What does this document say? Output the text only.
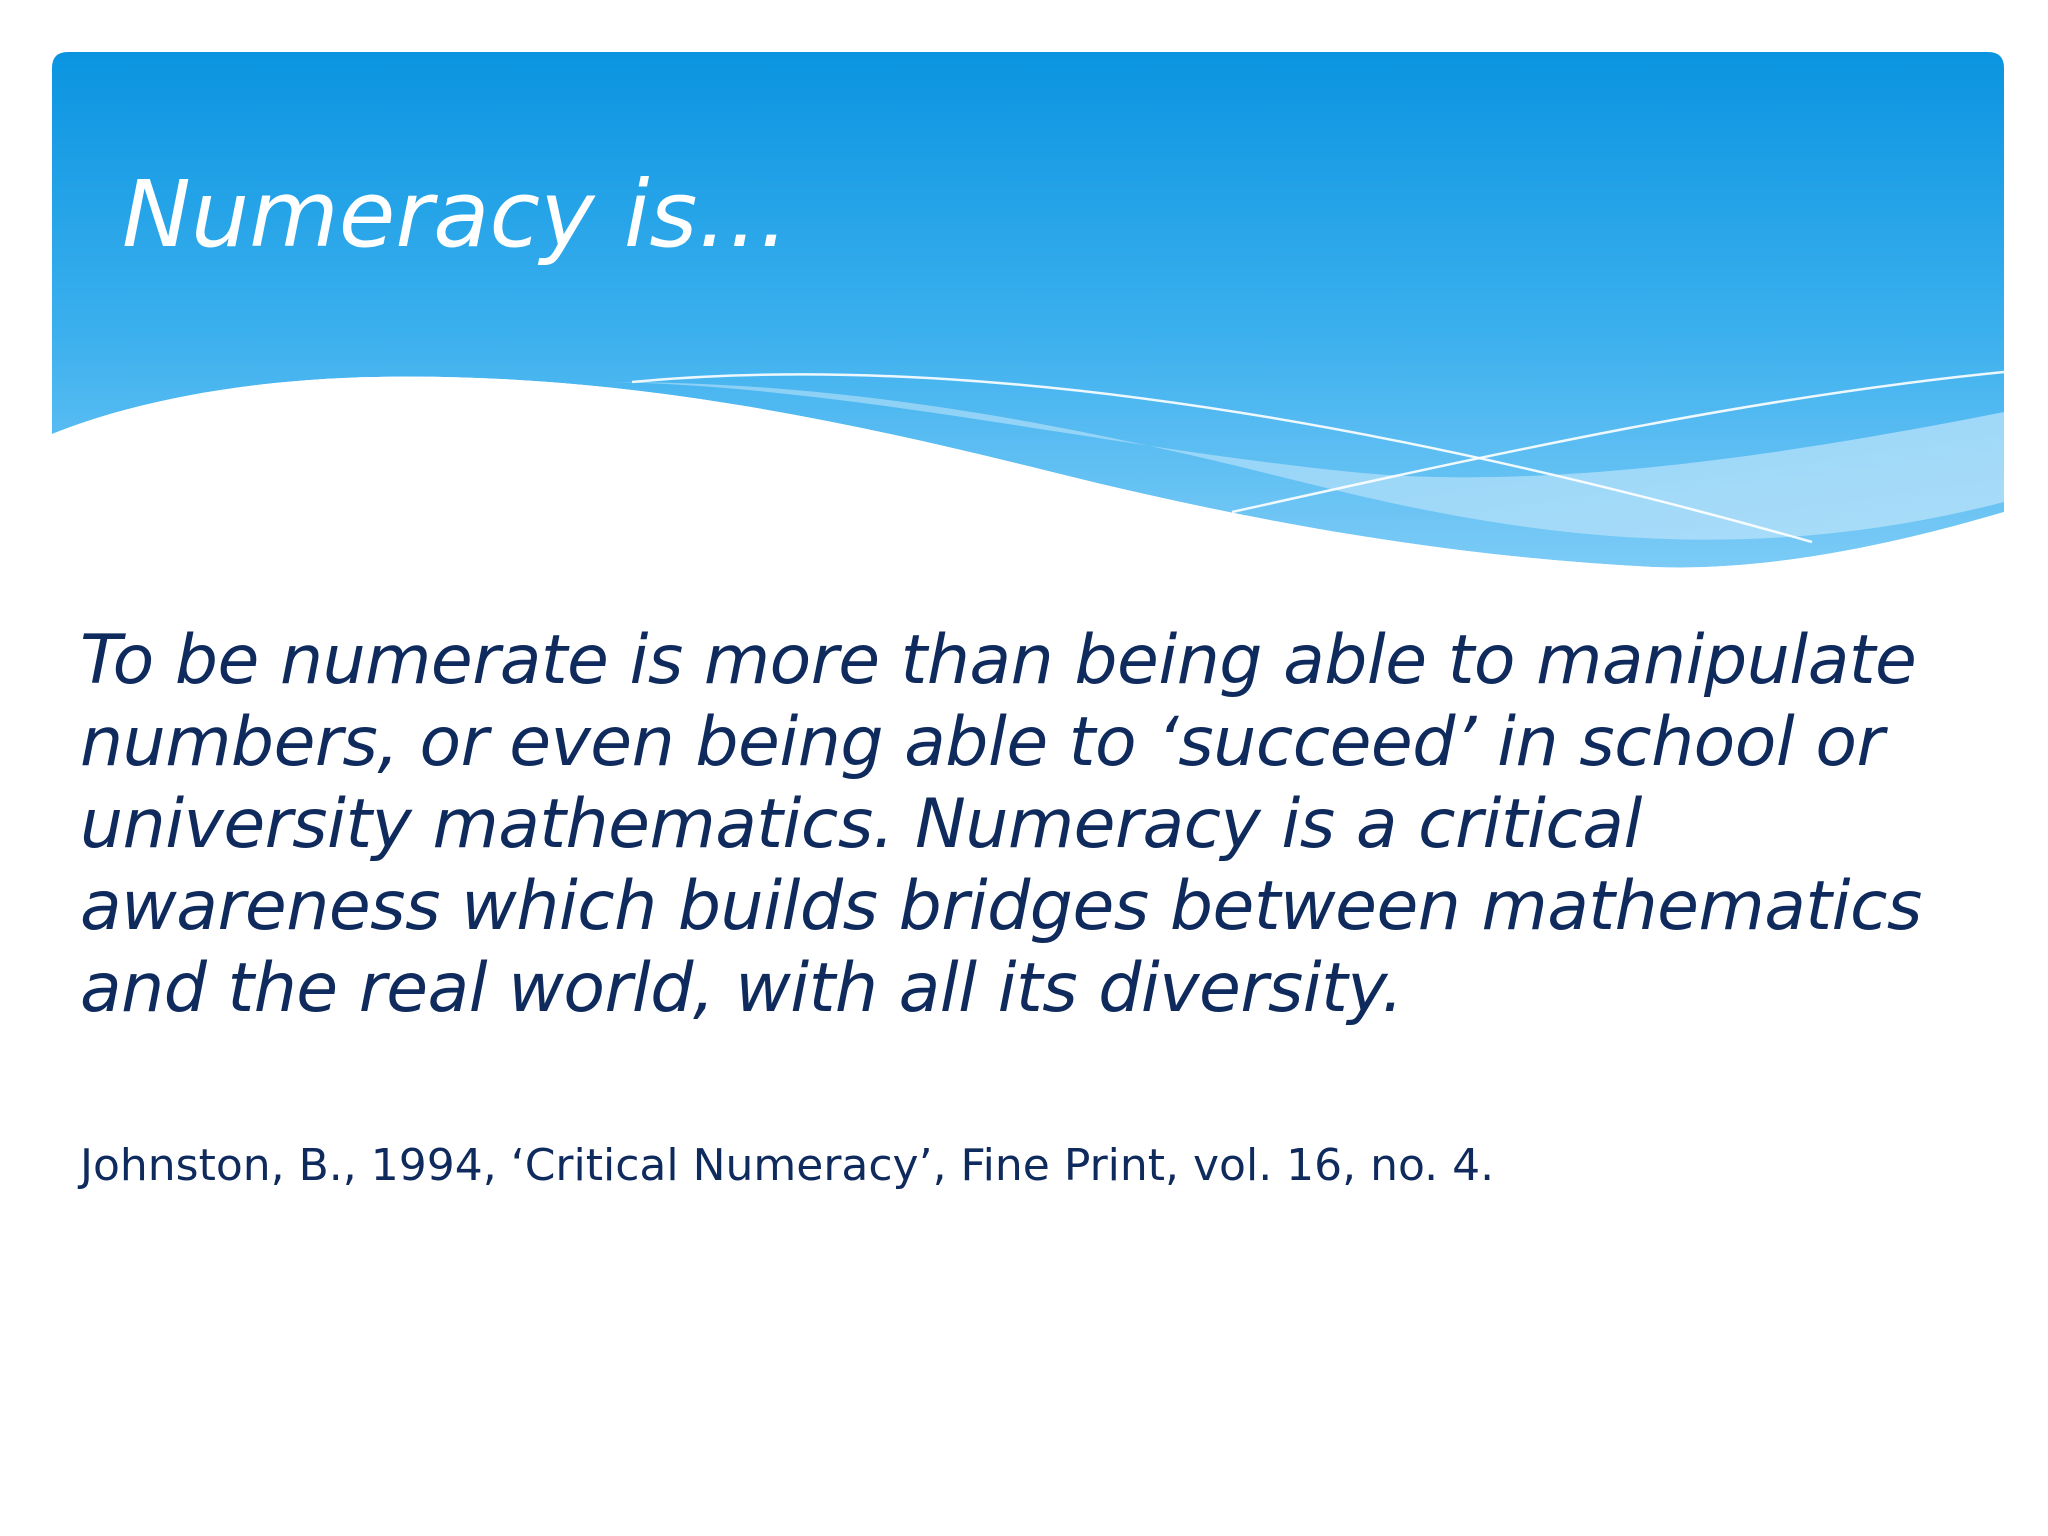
Numeracy is…

To be numerate is more than being able to manipulate numbers, or even being able to ‘succeed’ in school or university mathematics. Numeracy is a critical awareness which builds bridges between mathematics and the real world, with all its diversity.

Johnston, B., 1994, ‘Critical Numeracy’, Fine Print, vol. 16, no. 4.
